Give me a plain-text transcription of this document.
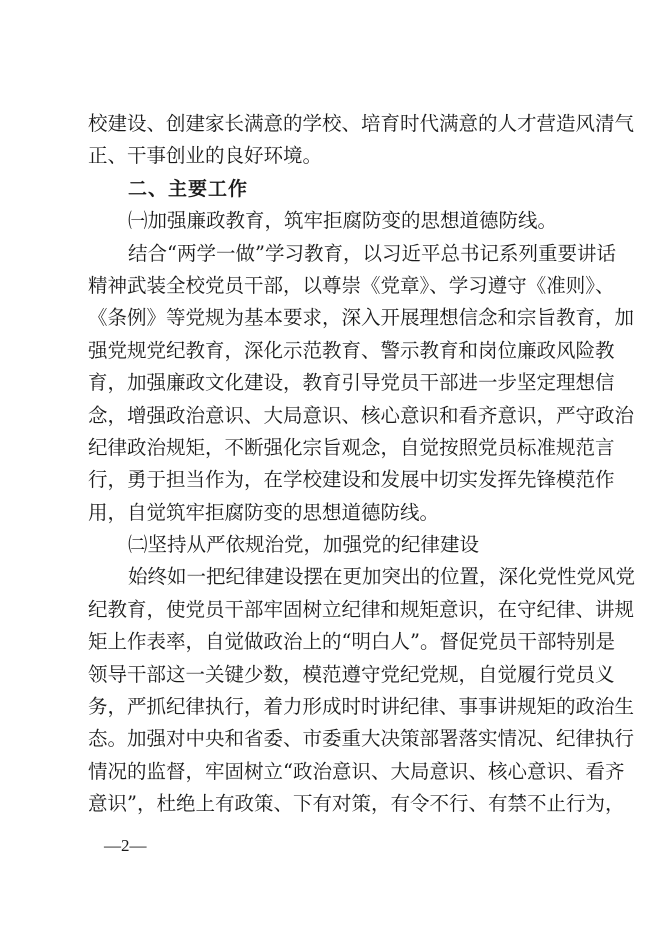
校建设、创建家长满意的学校、培育时代满意的人才营造风清气
正、干事创业的良好环境。
二、主要工作
㈠加强廉政教育，筑牢拒腐防变的思想道德防线。
结合“两学一做”学习教育，以习近平总书记系列重要讲话
精神武装全校党员干部，以尊崇《党章》、学习遵守《准则》、
《条例》等党规为基本要求，深入开展理想信念和宗旨教育，加
强党规党纪教育，深化示范教育、警示教育和岗位廉政风险教
育，加强廉政文化建设，教育引导党员干部进一步坚定理想信
念，增强政治意识、大局意识、核心意识和看齐意识，严守政治
纪律政治规矩，不断强化宗旨观念，自觉按照党员标准规范言
行，勇于担当作为，在学校建设和发展中切实发挥先锋模范作
用，自觉筑牢拒腐防变的思想道德防线。
㈡坚持从严依规治党，加强党的纪律建设
始终如一把纪律建设摆在更加突出的位置，深化党性党风党
纪教育，使党员干部牢固树立纪律和规矩意识，在守纪律、讲规
矩上作表率，自觉做政治上的“明白人”。督促党员干部特别是
领导干部这一关键少数，模范遵守党纪党规，自觉履行党员义
务，严抓纪律执行，着力形成时时讲纪律、事事讲规矩的政治生
态。加强对中央和省委、市委重大决策部署落实情况、纪律执行
情况的监督，牢固树立“政治意识、大局意识、核心意识、看齐
意识”，杜绝上有政策、下有对策，有令不行、有禁不止行为，
—2—
